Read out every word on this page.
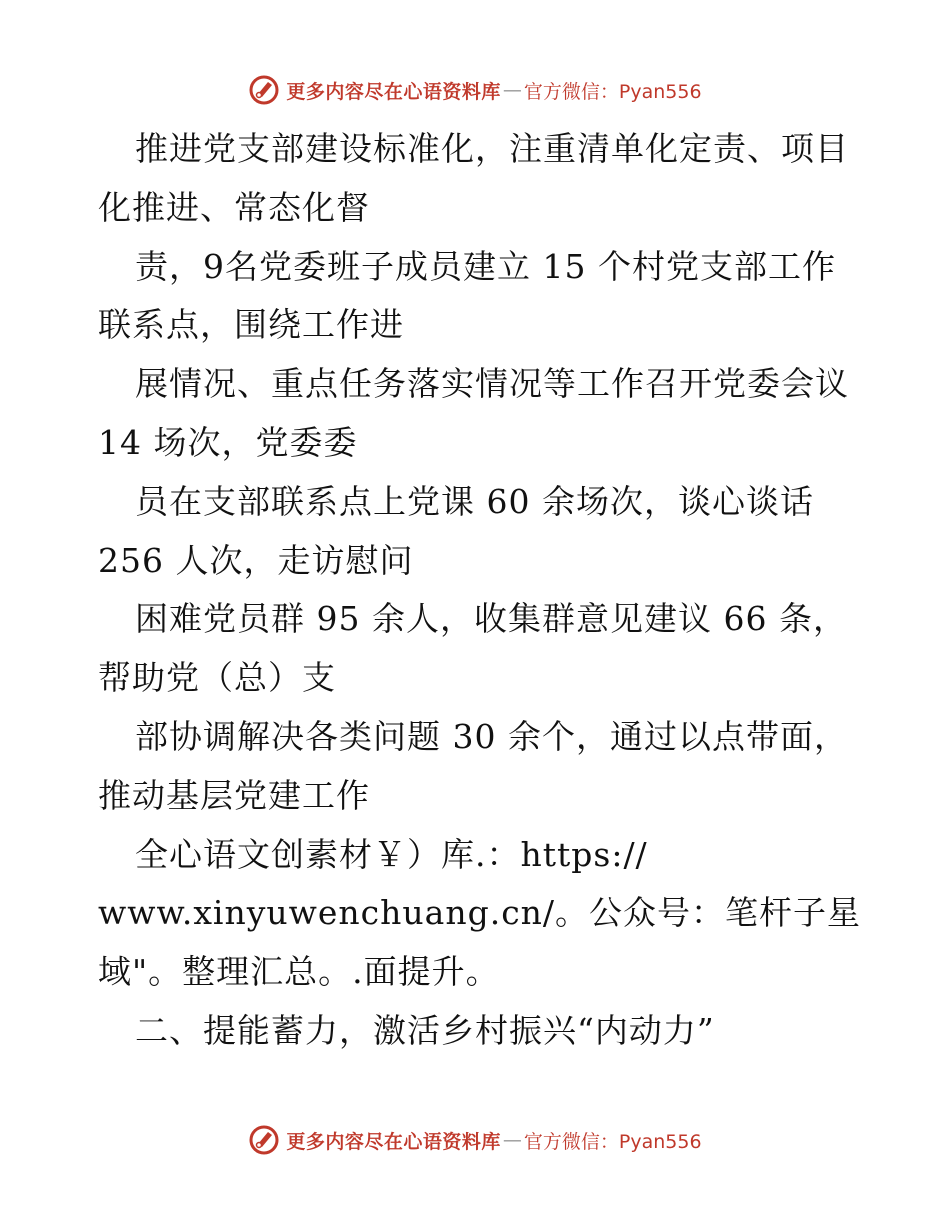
更多内容尽在心语资料库 — 官方微信：Pyan556
推进党支部建设标准化，注重清单化定责、项目
化推进、常态化督
责，9名党委班子成员建立 15 个村党支部工作
联系点，围绕工作进
展情况、重点任务落实情况等工作召开党委会议
14 场次，党委委
员在支部联系点上党课 60 余场次，谈心谈话
256 人次，走访慰问
困难党员群 95 余人，收集群意见建议 66 条，
帮助党（总）支
部协调解决各类问题 30 余个，通过以点带面，
推动基层党建工作
全心语文创素材￥）库.：https://
www.xinyuwenchuang.cn/。公众号：笔杆子星
域"。整理汇总。.面提升。
二、提能蓄力，激活乡村振兴“内动力”
更多内容尽在心语资料库 — 官方微信：Pyan556
